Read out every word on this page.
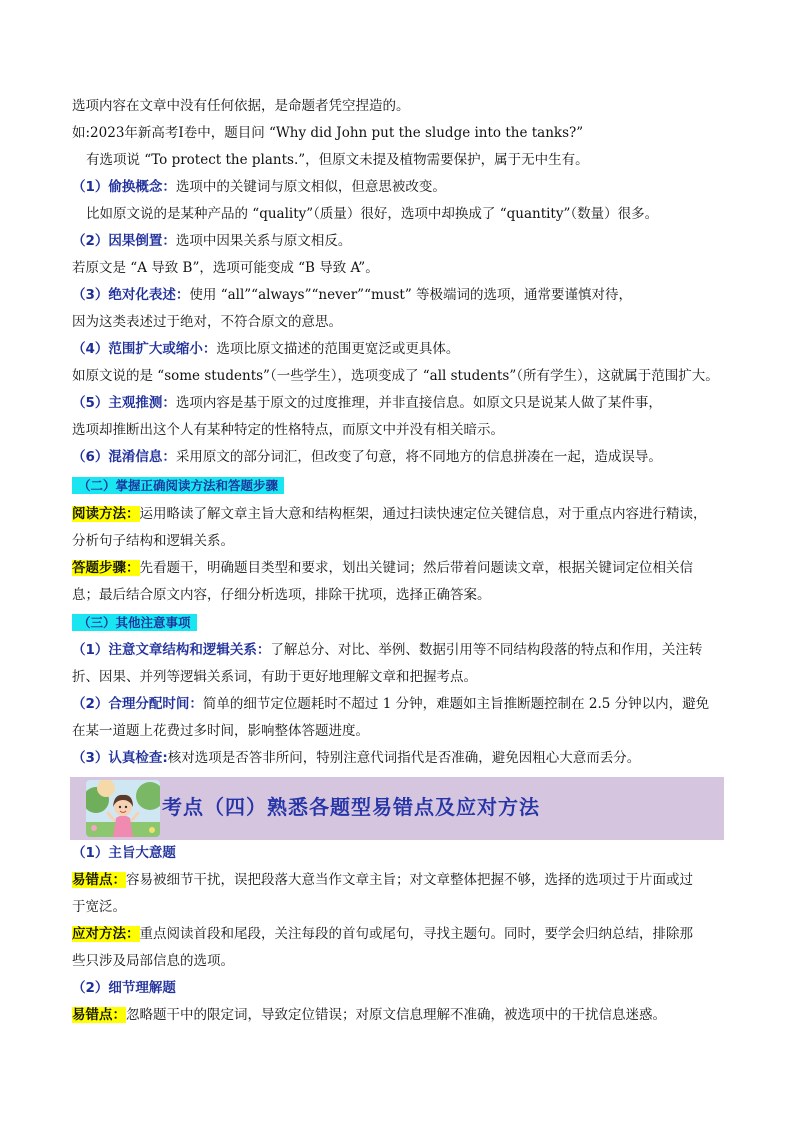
选项内容在文章中没有任何依据，是命题者凭空捏造的。
如:2023年新高考I卷中，题目问 “Why did John put the sludge into the tanks?”
有选项说 “To protect the plants.”，但原文未提及植物需要保护，属于无中生有。
（1）偷换概念：选项中的关键词与原文相似，但意思被改变。
比如原文说的是某种产品的 “quality”（质量）很好，选项中却换成了 “quantity”（数量）很多。
（2）因果倒置：选项中因果关系与原文相反。
若原文是 “A 导致 B”，选项可能变成 “B 导致 A”。
（3）绝对化表述：使用 “all”“always”“never”“must” 等极端词的选项，通常要谨慎对待，
因为这类表述过于绝对，不符合原文的意思。
（4）范围扩大或缩小：选项比原文描述的范围更宽泛或更具体。
如原文说的是 “some students”（一些学生），选项变成了 “all students”（所有学生），这就属于范围扩大。
（5）主观推测：选项内容是基于原文的过度推理，并非直接信息。如原文只是说某人做了某件事，
选项却推断出这个人有某种特定的性格特点，而原文中并没有相关暗示。
（6）混淆信息：采用原文的部分词汇，但改变了句意，将不同地方的信息拼凑在一起，造成误导。
（二）掌握正确阅读方法和答题步骤
阅读方法：运用略读了解文章主旨大意和结构框架，通过扫读快速定位关键信息，对于重点内容进行精读，
分析句子结构和逻辑关系。
答题步骤：先看题干，明确题目类型和要求，划出关键词；然后带着问题读文章，根据关键词定位相关信
息；最后结合原文内容，仔细分析选项，排除干扰项，选择正确答案。
（三）其他注意事项
（1）注意文章结构和逻辑关系：了解总分、对比、举例、数据引用等不同结构段落的特点和作用，关注转
折、因果、并列等逻辑关系词，有助于更好地理解文章和把握考点。
（2）合理分配时间：简单的细节定位题耗时不超过 1 分钟，难题如主旨推断题控制在 2.5 分钟以内，避免
在某一道题上花费过多时间，影响整体答题进度。
（3）认真检查:核对选项是否答非所问，特别注意代词指代是否准确，避免因粗心大意而丢分。
考点（四）熟悉各题型易错点及应对方法
（1）主旨大意题
易错点：容易被细节干扰，误把段落大意当作文章主旨；对文章整体把握不够，选择的选项过于片面或过
于宽泛。
应对方法：重点阅读首段和尾段，关注每段的首句或尾句，寻找主题句。同时，要学会归纳总结，排除那
些只涉及局部信息的选项。
（2）细节理解题
易错点：忽略题干中的限定词，导致定位错误；对原文信息理解不准确，被选项中的干扰信息迷惑。
